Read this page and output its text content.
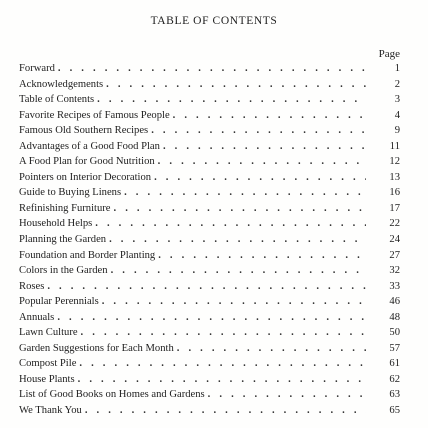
TABLE OF CONTENTS
Page
Forward . . .	1
Acknowledgements . . .	2
Table of Contents . . .	3
Favorite Recipes of Famous People . . .	4
Famous Old Southern Recipes . . .	9
Advantages of a Good Food Plan . . .	11
A Food Plan for Good Nutrition . . .	12
Pointers on Interior Decoration . . .	13
Guide to Buying Linens . . .	16
Refinishing Furniture . . .	17
Household Helps . . .	22
Planning the Garden . . .	24
Foundation and Border Planting . . .	27
Colors in the Garden . . .	32
Roses . . .	33
Popular Perennials . . .	46
Annuals . . .	48
Lawn Culture . . .	50
Garden Suggestions for Each Month . . .	57
Compost Pile . . .	61
House Plants . . .	62
List of Good Books on Homes and Gardens . . .	63
We Thank You . . .	65
